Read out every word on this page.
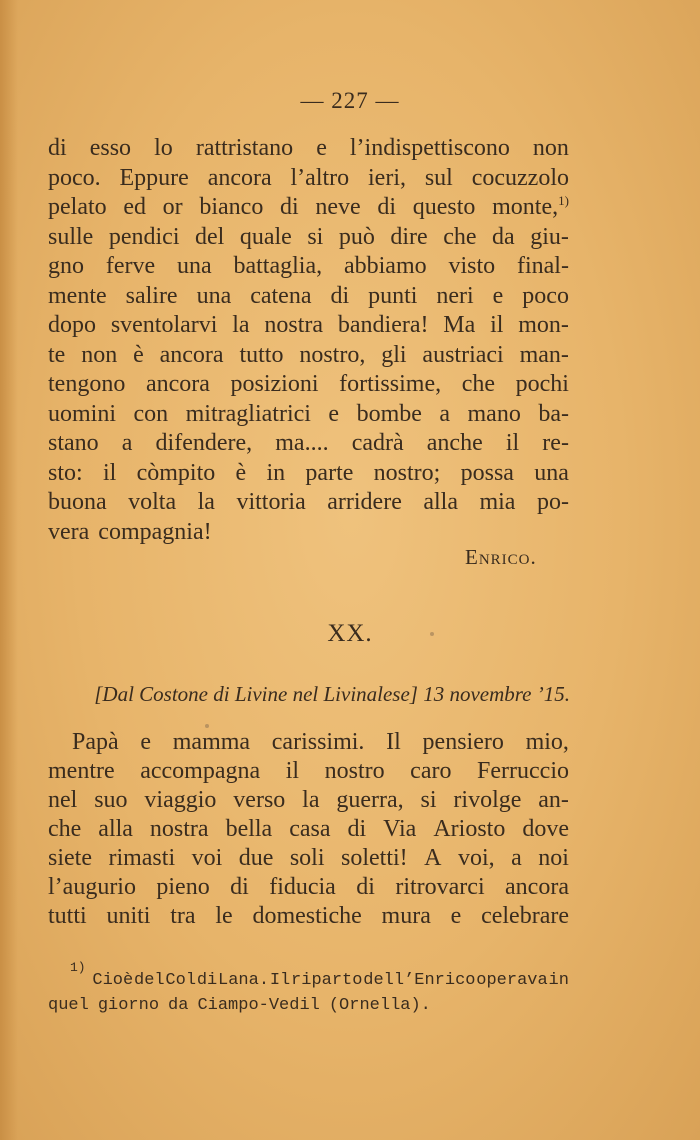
— 227 —
di esso lo rattristano e l’indispettiscono non
poco. Eppure ancora l’altro ieri, sul cocuzzolo
pelato ed or bianco di neve di questo monte,$^{1)}$
sulle pendici del quale si può dire che da giu-
gno ferve una battaglia, abbiamo visto final-
mente salire una catena di punti neri e poco
dopo sventolarvi la nostra bandiera! Ma il mon-
te non è ancora tutto nostro, gli austriaci man-
tengono ancora posizioni fortissime, che pochi
uomini con mitragliatrici e bombe a mano ba-
stano a difendere, ma.... cadrà anche il re-
sto: il còmpito è in parte nostro; possa una
buona volta la vittoria arridere alla mia po-
vera compagnia!
Enrico.
XX.
[Dal Costone di Livine nel Livinalese] 13 novembre ’15.
Papà e mamma carissimi. Il pensiero mio,
mentre accompagna il nostro caro Ferruccio
nel suo viaggio verso la guerra, si rivolge an-
che alla nostra bella casa di Via Ariosto dove
siete rimasti voi due soli soletti! A voi, a noi
l’augurio pieno di fiducia di ritrovarci ancora
tutti uniti tra le domestiche mura e celebrare
1)
Cioè del Col di Lana. Il riparto dell’Enrico operava in
quel giorno da Ciampo-Vedil (Ornella).
